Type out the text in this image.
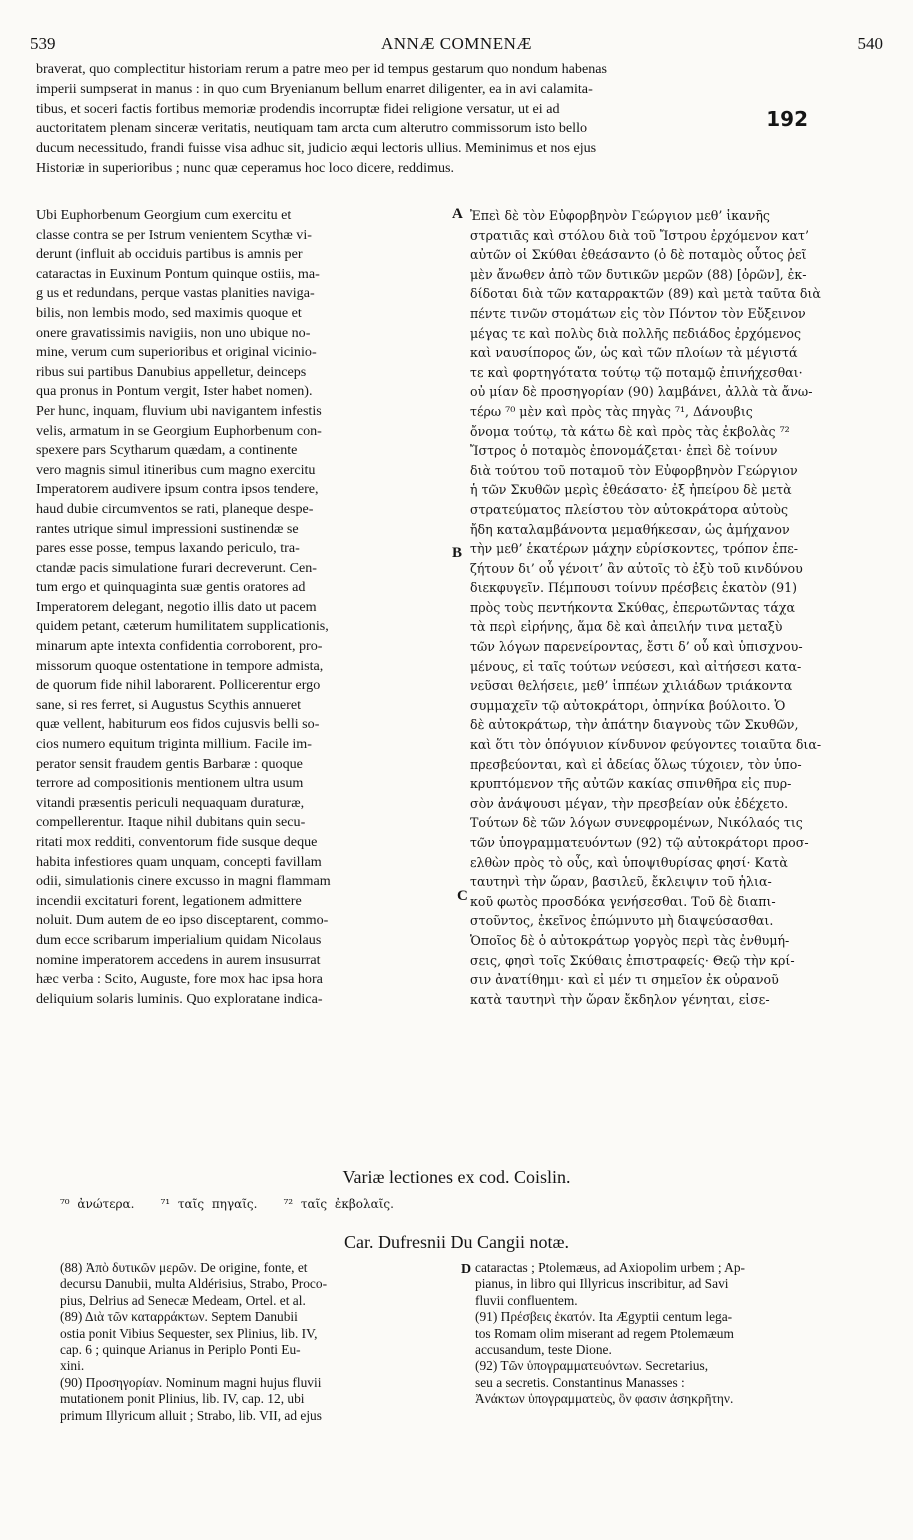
539	ANNÆ COMNENÆ	540
192
braverat, quo complectitur historiam rerum a patre meo per id tempus gestarum quo nondum habenas
imperii sumpserat in manus : in quo cum Bryenianum bellum enarret diligenter, ea in avi calamita-
tibus, et soceri factis fortibus memoriæ prodendis incorruptæ fidei religione versatur, ut ei ad
auctoritatem plenam sinceræ veritatis, neutiquam tam arcta cum alterutro commissorum isto bello
ducum necessitudo, frandi fuisse visa adhuc sit, judicio æqui lectoris ullius. Meminimus et nos ejus
Historiæ in superioribus ; nunc quæ ceperamus hoc loco dicere, reddimus.
Ubi Euphorbenum Georgium cum exercitu et
classe contra se per Istrum venientem Scythæ vi-
derunt (influit ab occiduis partibus is amnis per
cataractas in Euxinum Pontum quinque ostiis, ma-
g us et redundans, perque vastas planities naviga-
bilis, non lembis modo, sed maximis quoque et
onere gravatissimis navigiis, non uno ubique no-
mine, verum cum superioribus et original vicinio-
ribus sui partibus Danubius appelletur, deinceps
qua pronus in Pontum vergit, Ister habet nomen).
Per hunc, inquam, fluvium ubi navigantem infestis
velis, armatum in se Georgium Euphorbenum con-
spexere pars Scytharum quædam, a continente
vero magnis simul itineribus cum magno exercitu
Imperatorem audivere ipsum contra ipsos tendere,
haud dubie circumventos se rati, planeque despe-
rantes utrique simul impressioni sustinendæ se
pares esse posse, tempus laxando periculo, tra-
ctandæ pacis simulatione furari decreverunt. Cen-
tum ergo et quinquaginta suæ gentis oratores ad
Imperatorem delegant, negotio illis dato ut pacem
quidem petant, cæterum humilitatem supplicationis,
minarum apte intexta confidentia corroborent, pro-
missorum quoque ostentatione in tempore admista,
de quorum fide nihil laborarent. Pollicerentur ergo
sane, si res ferret, si Augustus Scythis annueret
quæ vellent, habiturum eos fidos cujusvis belli so-
cios numero equitum triginta millium. Facile im-
perator sensit fraudem gentis Barbaræ : quoque
terrore ad compositionis mentionem ultra usum
vitandi præsentis periculi nequaquam duraturæ,
compellerentur. Itaque nihil dubitans quin secu-
ritati mox redditi, conventorum fide susque deque
habita infestiores quam unquam, concepti favillam
odii, simulationis cinere excusso in magni flammam
incendii excitaturi forent, legationem admittere
noluit. Dum autem de eo ipso disceptarent, commo-
dum ecce scribarum imperialium quidam Nicolaus
nomine imperatorem accedens in aurem insusurrat
hæc verba : Scito, Auguste, fore mox hac ipsa hora
deliquium solaris luminis. Quo exploratane indica-
Ἐπεὶ δὲ τὸν Εὐφορβηνὸν Γεώργιον μεθ’ ἱκανῆς
στρατιᾶς καὶ στόλου διὰ τοῦ Ἴστρου ἐρχόμενον κατ’
αὐτῶν οἱ Σκύθαι ἐθεάσαντο (ὁ δὲ ποταμὸς οὗτος ῥεῖ
μὲν ἄνωθεν ἀπὸ τῶν δυτικῶν μερῶν (88) [ὀρῶν], ἐκ-
δίδοται διὰ τῶν καταρρακτῶν (89) καὶ μετὰ ταῦτα διὰ
πέντε τινῶν στομάτων εἰς τὸν Πόντον τὸν Εὔξεινον
μέγας τε καὶ πολὺς διὰ πολλῆς πεδιάδος ἐρχόμενος
καὶ ναυσίπορος ὤν, ὡς καὶ τῶν πλοίων τὰ μέγιστά
τε καὶ φορτηγότατα τούτῳ τῷ ποταμῷ ἐπινήχεσθαι·
οὐ μίαν δὲ προσηγορίαν (90) λαμβάνει, ἀλλὰ τὰ ἄνω-
τέρω ⁷⁰ μὲν καὶ πρὸς τὰς πηγὰς ⁷¹, Δάνουβις
ὄνομα τούτῳ, τὰ κάτω δὲ καὶ πρὸς τὰς ἐκβολὰς ⁷²
Ἴστρος ὁ ποταμὸς ἐπονομάζεται· ἐπεὶ δὲ τοίνυν
διὰ τούτου τοῦ ποταμοῦ τὸν Εὐφορβηνὸν Γεώργιον
ἡ τῶν Σκυθῶν μερὶς ἐθεάσατο· ἐξ ἠπείρου δὲ μετὰ
στρατεύματος πλείστου τὸν αὐτοκράτορα αὐτοὺς
ἤδη καταλαμβάνοντα μεμαθήκεσαν, ὡς ἀμήχανον
τὴν μεθ’ ἑκατέρων μάχην εὑρίσκοντες, τρόπον ἐπε-
ζήτουν δι’ οὗ γένοιτ’ ἂν αὐτοῖς τὸ ἐξὺ τοῦ κινδύνου
διεκφυγεῖν. Πέμπουσι τοίνυν πρέσβεις ἑκατὸν (91)
πρὸς τοὺς πεντήκοντα Σκύθας, ἐπερωτῶντας τάχα
τὰ περὶ εἰρήνης, ἅμα δὲ καὶ ἀπειλήν τινα μεταξὺ
τῶν λόγων παρενείροντας, ἔστι δ’ οὗ καὶ ὑπισχνου-
μένους, εἰ ταῖς τούτων νεύσεσι, καὶ αἰτήσεσι κατα-
νεῦσαι θελήσειε, μεθ’ ἱππέων χιλιάδων τριάκοντα
συμμαχεῖν τῷ αὐτοκράτορι, ὁπηνίκα βούλοιτο. Ὁ
δὲ αὐτοκράτωρ, τὴν ἀπάτην διαγνοὺς τῶν Σκυθῶν,
καὶ ὅτι τὸν ὁπόγυιον κίνδυνον φεύγοντες τοιαῦτα δια-
πρεσβεύονται, καὶ εἰ ἀδείας ὅλως τύχοιεν, τὸν ὑπο-
κρυπτόμενον τῆς αὐτῶν κακίας σπινθῆρα εἰς πυρ-
σὸν ἀνάψουσι μέγαν, τὴν πρεσβείαν οὐκ ἐδέχετο.
Τούτων δὲ τῶν λόγων συνεφρομένων, Νικόλαός τις
τῶν ὑπογραμματευόντων (92) τῷ αὐτοκράτορι προσ-
ελθὼν πρὸς τὸ οὖς, καὶ ὑποψιθυρίσας φησί· Κατὰ
ταυτηνὶ τὴν ὥραν, βασιλεῦ, ἔκλειψιν τοῦ ἡλια-
κοῦ φωτὸς προσδόκα γενήσεσθαι. Τοῦ δὲ διαπι-
στοῦντος, ἐκεῖνος ἐπώμνυτο μὴ διαψεύσασθαι.
Ὁποῖος δὲ ὁ αὐτοκράτωρ γοργὸς περὶ τὰς ἐνθυμή-
σεις, φησὶ τοῖς Σκύθαις ἐπιστραφείς· Θεῷ τὴν κρί-
σιν ἀνατίθημι· καὶ εἰ μέν τι σημεῖον ἐκ οὐρανοῦ
κατὰ ταυτηνὶ τὴν ὥραν ἔκδηλον γένηται, εἰσε-
A
B
C
Variæ lectiones ex cod. Coislin.
⁷⁰ ἀνώτερα. ⁷¹ ταῖς πηγαῖς. ⁷² ταῖς ἐκβολαῖς.
Car. Dufresnii Du Cangii notæ.
(88) Ἀπὸ δυτικῶν μερῶν. De origine, fonte, et
decursu Danubii, multa Aldérisius, Strabo, Proco-
pius, Delrius ad Senecæ Medeam, Ortel. et al.
(89) Διὰ τῶν καταρράκτων. Septem Danubii
ostia ponit Vibius Sequester, sex Plinius, lib. IV,
cap. 6 ; quinque Arianus in Periplo Ponti Eu-
xini.
(90) Προσηγορίαν. Nominum magni hujus fluvii
mutationem ponit Plinius, lib. IV, cap. 12, ubi
primum Illyricum alluit ; Strabo, lib. VII, ad ejus
D cataractas ; Ptolemæus, ad Axiopolim urbem ; Ap-
pianus, in libro qui Illyricus inscribitur, ad Savi
fluvii confluentem.
(91) Πρέσβεις ἑκατόν. Ita Ægyptii centum lega-
tos Romam olim miserant ad regem Ptolemæum
accusandum, teste Dione.
(92) Τῶν ὑπογραμματευόντων. Secretarius,
seu a secretis. Constantinus Manasses :
Ἀνάκτων ὑπογραμματεὺς, ὃν φασιν ἀσηκρῆτην.
